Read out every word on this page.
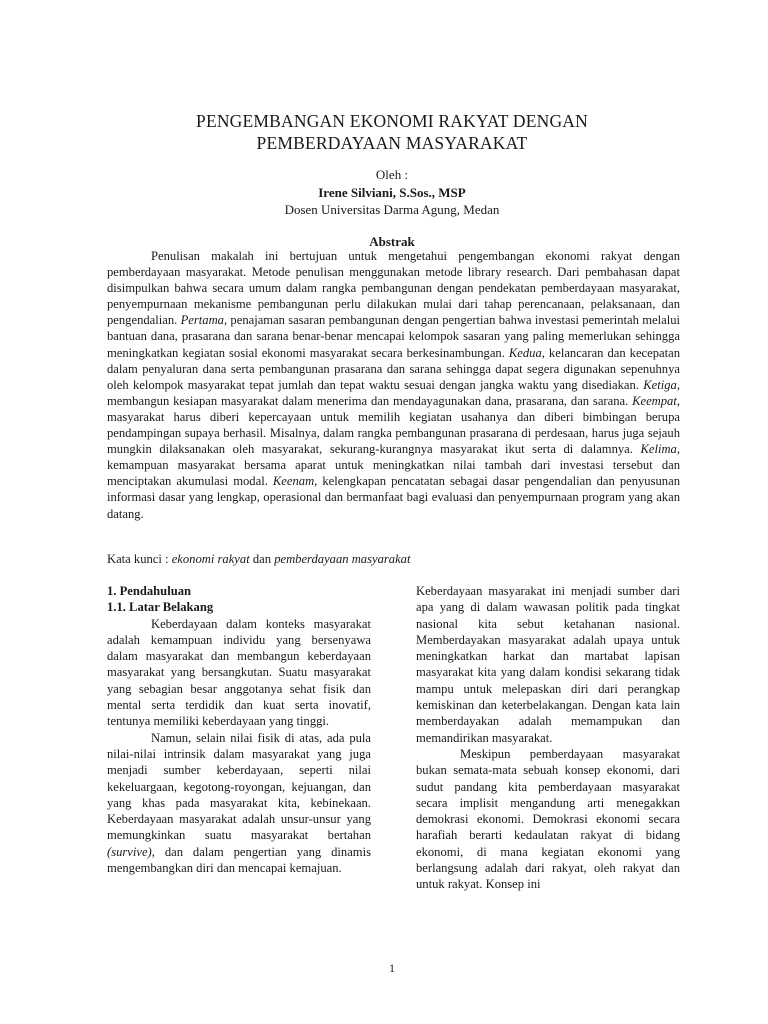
PENGEMBANGAN EKONOMI RAKYAT DENGAN
PEMBERDAYAAN MASYARAKAT
Oleh :
Irene Silviani, S.Sos., MSP
Dosen Universitas Darma Agung, Medan
Abstrak

Penulisan makalah ini bertujuan untuk mengetahui pengembangan ekonomi rakyat dengan pemberdayaan masyarakat. Metode penulisan menggunakan metode library research. Dari pembahasan dapat disimpulkan bahwa secara umum dalam rangka pembangunan dengan pendekatan pemberdayaan masyarakat, penyempurnaan mekanisme pembangunan perlu dilakukan mulai dari tahap perencanaan, pelaksanaan, dan pengendalian. Pertama, penajaman sasaran pembangunan dengan pengertian bahwa investasi pemerintah melalui bantuan dana, prasarana dan sarana benar-benar mencapai kelompok sasaran yang paling memerlukan sehingga meningkatkan kegiatan sosial ekonomi masyarakat secara berkesinambungan. Kedua, kelancaran dan kecepatan dalam penyaluran dana serta pembangunan prasarana dan sarana sehingga dapat segera digunakan sepenuhnya oleh kelompok masyarakat tepat jumlah dan tepat waktu sesuai dengan jangka waktu yang disediakan. Ketiga, membangun kesiapan masyarakat dalam menerima dan mendayagunakan dana, prasarana, dan sarana. Keempat, masyarakat harus diberi kepercayaan untuk memilih kegiatan usahanya dan diberi bimbingan berupa pendampingan supaya berhasil. Misalnya, dalam rangka pembangunan prasarana di perdesaan, harus juga sejauh mungkin dilaksanakan oleh masyarakat, sekurang-kurangnya masyarakat ikut serta di dalamnya. Kelima, kemampuan masyarakat bersama aparat untuk meningkatkan nilai tambah dari investasi tersebut dan menciptakan akumulasi modal. Keenam, kelengkapan pencatatan sebagai dasar pengendalian dan penyusunan informasi dasar yang lengkap, operasional dan bermanfaat bagi evaluasi dan penyempurnaan program yang akan datang.

Kata kunci : ekonomi rakyat dan pemberdayaan masyarakat
1. Pendahuluan
1.1. Latar Belakang

Keberdayaan dalam konteks masyarakat adalah kemampuan individu yang bersenyawa dalam masyarakat dan membangun keberdayaan masyarakat yang bersangkutan. Suatu masyarakat yang sebagian besar anggotanya sehat fisik dan mental serta terdidik dan kuat serta inovatif, tentunya memiliki keberdayaan yang tinggi.

Namun, selain nilai fisik di atas, ada pula nilai-nilai intrinsik dalam masyarakat yang juga menjadi sumber keberdayaan, seperti nilai kekeluargaan, kegotong-royongan, kejuangan, dan yang khas pada masyarakat kita, kebinekaan. Keberdayaan masyarakat adalah unsur-unsur yang memungkinkan suatu masyarakat bertahan (survive), dan dalam pengertian yang dinamis mengembangkan diri dan mencapai kemajuan.

Keberdayaan masyarakat ini menjadi sumber dari apa yang di dalam wawasan politik pada tingkat nasional kita sebut ketahanan nasional. Memberdayakan masyarakat adalah upaya untuk meningkatkan harkat dan martabat lapisan masyarakat kita yang dalam kondisi sekarang tidak mampu untuk melepaskan diri dari perangkap kemiskinan dan keterbelakangan. Dengan kata lain memberdayakan adalah memampukan dan memandirikan masyarakat.

Meskipun pemberdayaan masyarakat bukan semata-mata sebuah konsep ekonomi, dari sudut pandang kita pemberdayaan masyarakat secara implisit mengandung arti menegakkan demokrasi ekonomi. Demokrasi ekonomi secara harafiah berarti kedaulatan rakyat di bidang ekonomi, di mana kegiatan ekonomi yang berlangsung adalah dari rakyat, oleh rakyat dan untuk rakyat. Konsep ini

1
